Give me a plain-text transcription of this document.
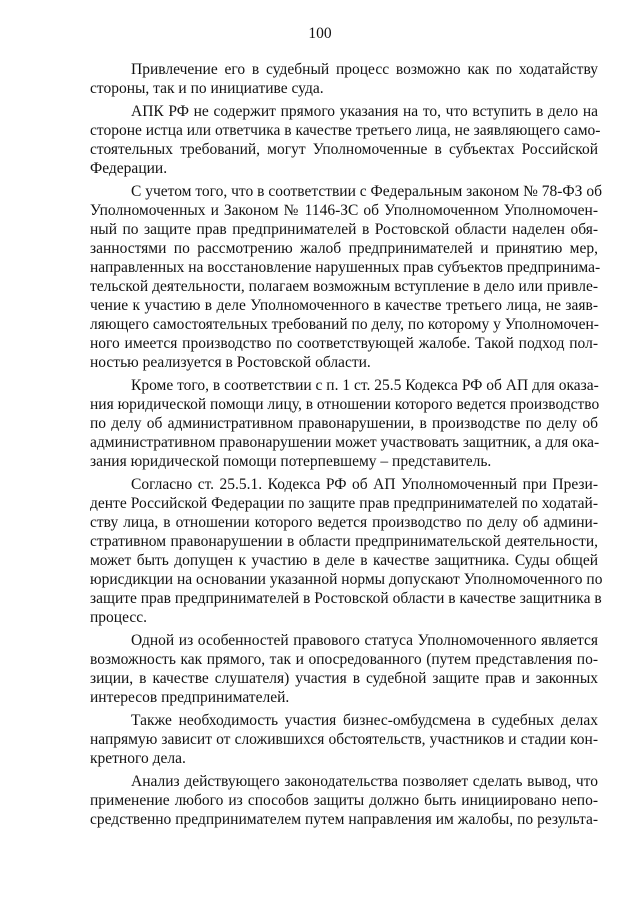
100
Привлечение его в судебный процесс возможно как по ходатайству
стороны, так и по инициативе суда.
АПК РФ не содержит прямого указания на то, что вступить в дело на
стороне истца или ответчика в качестве третьего лица, не заявляющего само-
стоятельных требований, могут Уполномоченные в субъектах Российской
Федерации.
С учетом того, что в соответствии с Федеральным законом № 78-ФЗ об
Уполномоченных и Законом № 1146-ЗС об Уполномоченном Уполномочен-
ный по защите прав предпринимателей в Ростовской области наделен обя-
занностями по рассмотрению жалоб предпринимателей и принятию мер,
направленных на восстановление нарушенных прав субъектов предпринима-
тельской деятельности, полагаем возможным вступление в дело или привле-
чение к участию в деле Уполномоченного в качестве третьего лица, не заяв-
ляющего самостоятельных требований по делу, по которому у Уполномочен-
ного имеется производство по соответствующей жалобе. Такой подход пол-
ностью реализуется в Ростовской области.
Кроме того, в соответствии с п. 1 ст. 25.5 Кодекса РФ об АП для оказа-
ния юридической помощи лицу, в отношении которого ведется производство
по делу об административном правонарушении, в производстве по делу об
административном правонарушении может участвовать защитник, а для ока-
зания юридической помощи потерпевшему – представитель.
Согласно ст. 25.5.1. Кодекса РФ об АП Уполномоченный при Прези-
денте Российской Федерации по защите прав предпринимателей по ходатай-
ству лица, в отношении которого ведется производство по делу об админи-
стративном правонарушении в области предпринимательской деятельности,
может быть допущен к участию в деле в качестве защитника. Суды общей
юрисдикции на основании указанной нормы допускают Уполномоченного по
защите прав предпринимателей в Ростовской области в качестве защитника в
процесс.
Одной из особенностей правового статуса Уполномоченного является
возможность как прямого, так и опосредованного (путем представления по-
зиции, в качестве слушателя) участия в судебной защите прав и законных
интересов предпринимателей.
Также необходимость участия бизнес-омбудсмена в судебных делах
напрямую зависит от сложившихся обстоятельств, участников и стадии кон-
кретного дела.
Анализ действующего законодательства позволяет сделать вывод, что
применение любого из способов защиты должно быть инициировано непо-
средственно предпринимателем путем направления им жалобы, по результа-
